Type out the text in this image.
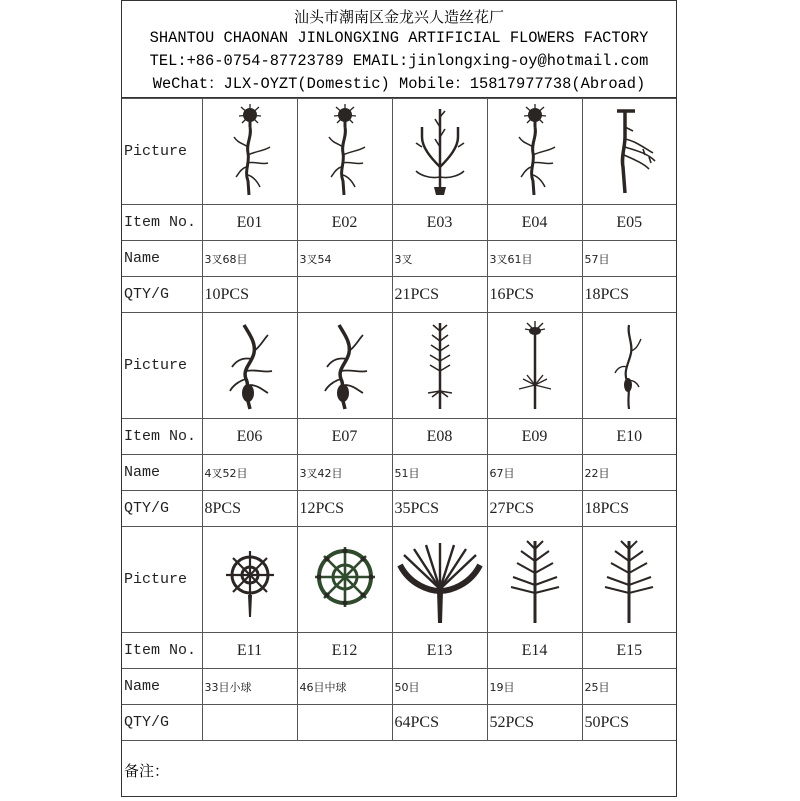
汕头市潮南区金龙兴人造丝花厂
SHANTOU CHAONAN JINLONGXING ARTIFICIAL FLOWERS FACTORY
TEL:+86-0754-87723789 EMAIL:jinlongxing-oy@hotmail.com
WeChat：JLX-OYZT(Domestic) Mobile：15817977738(Abroad)
Picture	

Item No.	E01	E02	E03	E04	E05
Name	3叉68目	3叉54	3叉	3叉61目	57目
QTY/G	10PCS		21PCS	16PCS	18PCS
Picture	

Item No.	E06	E07	E08	E09	E10
Name	4叉52目	3叉42目	51目	67目	22目
QTY/G	8PCS	12PCS	35PCS	27PCS	18PCS
Picture	

Item No.	E11	E12	E13	E14	E15
Name	33目小球	46目中球	50目	19目	25目
QTY/G			64PCS	52PCS	50PCS
备注：					
